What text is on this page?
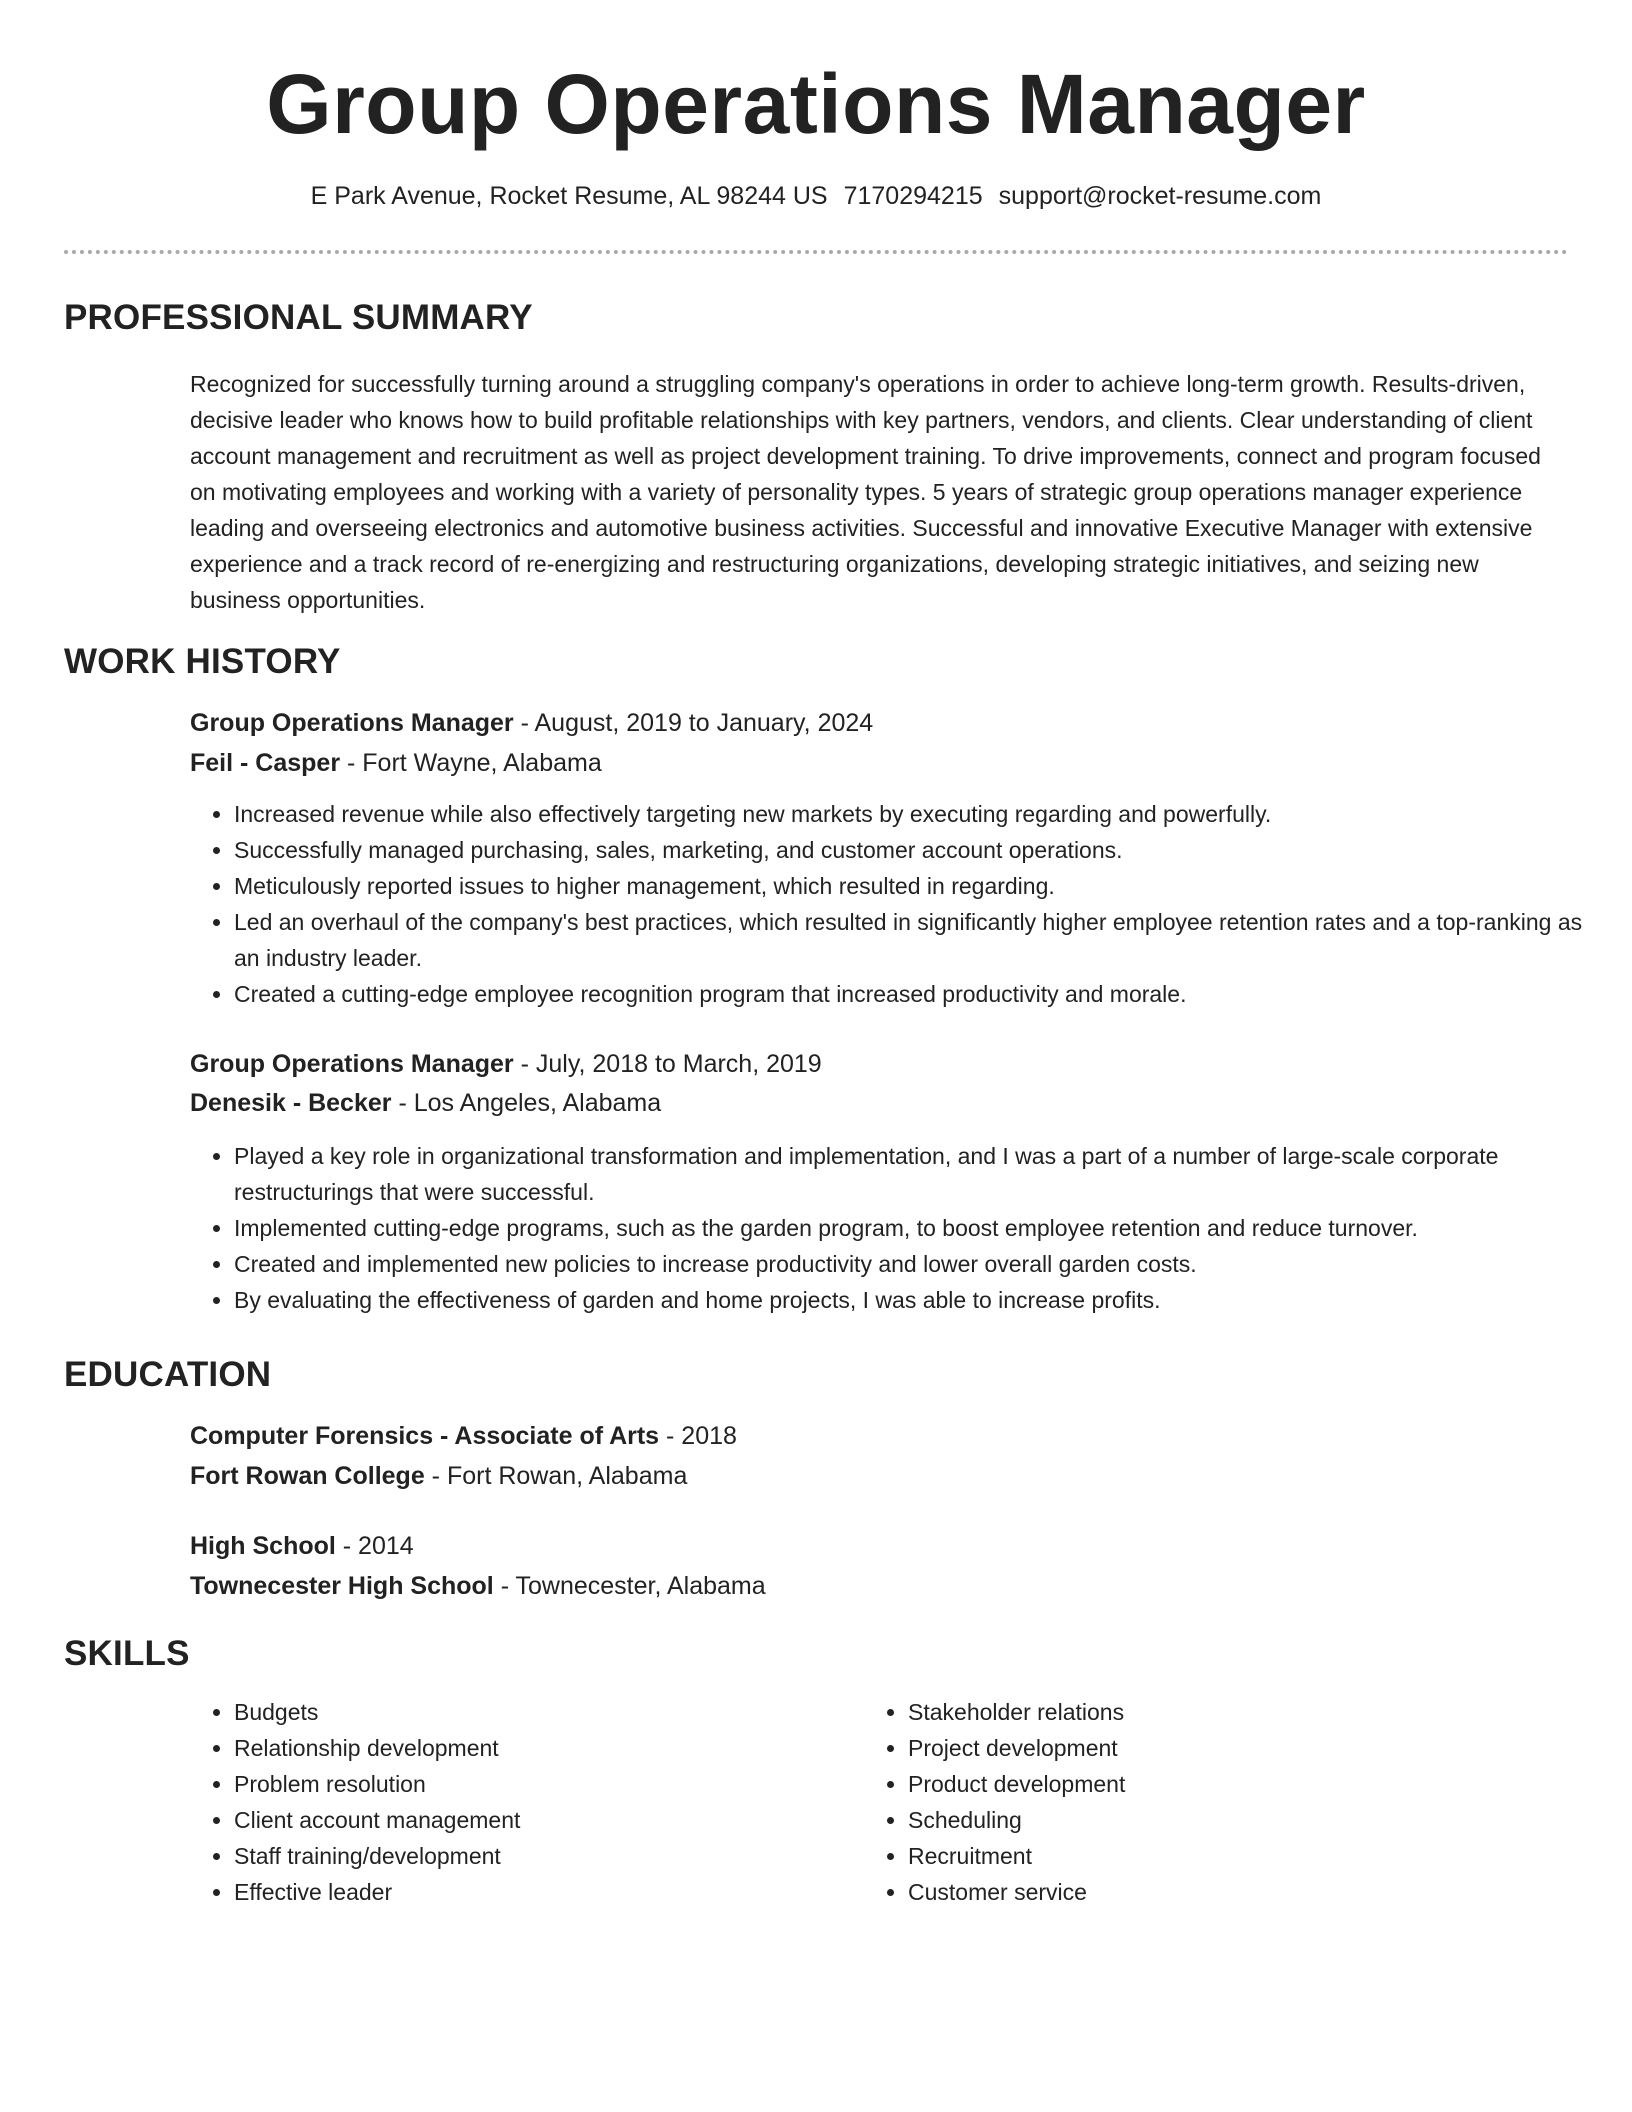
Group Operations Manager
E Park Avenue, Rocket Resume, AL 98244 US 7170294215 support@rocket-resume.com
PROFESSIONAL SUMMARY
Recognized for successfully turning around a struggling company's operations in order to achieve long-term growth. Results-driven, decisive leader who knows how to build profitable relationships with key partners, vendors, and clients. Clear understanding of client account management and recruitment as well as project development training. To drive improvements, connect and program focused on motivating employees and working with a variety of personality types. 5 years of strategic group operations manager experience leading and overseeing electronics and automotive business activities. Successful and innovative Executive Manager with extensive experience and a track record of re-energizing and restructuring organizations, developing strategic initiatives, and seizing new business opportunities.
WORK HISTORY
Group Operations Manager - August, 2019 to January, 2024
Feil - Casper - Fort Wayne, Alabama
• Increased revenue while also effectively targeting new markets by executing regarding and powerfully.
• Successfully managed purchasing, sales, marketing, and customer account operations.
• Meticulously reported issues to higher management, which resulted in regarding.
• Led an overhaul of the company's best practices, which resulted in significantly higher employee retention rates and a top-ranking as an industry leader.
• Created a cutting-edge employee recognition program that increased productivity and morale.
Group Operations Manager - July, 2018 to March, 2019
Denesik - Becker - Los Angeles, Alabama
• Played a key role in organizational transformation and implementation, and I was a part of a number of large-scale corporate restructurings that were successful.
• Implemented cutting-edge programs, such as the garden program, to boost employee retention and reduce turnover.
• Created and implemented new policies to increase productivity and lower overall garden costs.
• By evaluating the effectiveness of garden and home projects, I was able to increase profits.
EDUCATION
Computer Forensics - Associate of Arts - 2018
Fort Rowan College - Fort Rowan, Alabama
High School - 2014
Townecester High School - Townecester, Alabama
SKILLS
• Budgets
• Relationship development
• Problem resolution
• Client account management
• Staff training/development
• Effective leader
• Stakeholder relations
• Project development
• Product development
• Scheduling
• Recruitment
• Customer service
